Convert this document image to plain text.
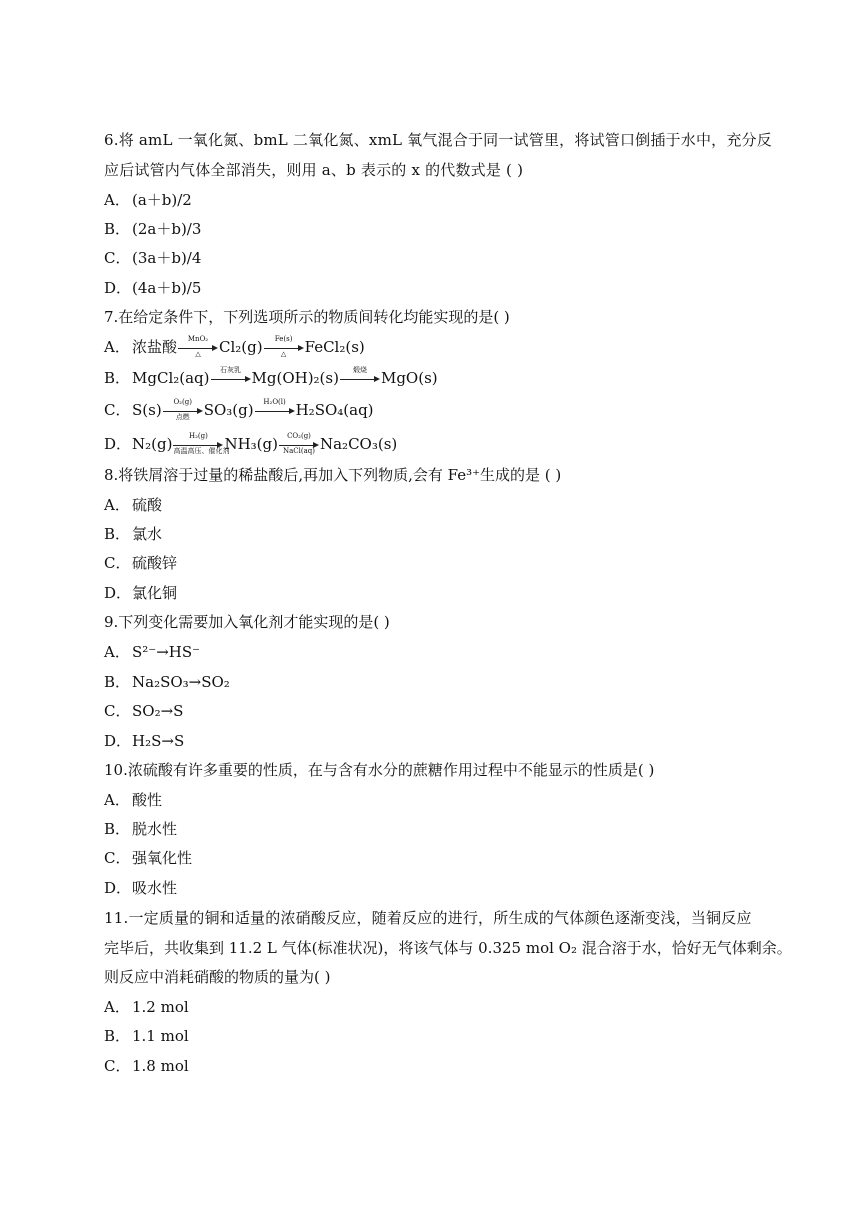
6.将 amL 一氧化氮、bmL 二氧化氮、xmL 氧气混合于同一试管里，将试管口倒插于水中，充分反
应后试管内气体全部消失，则用 a、b 表示的 x 的代数式是 ( )
A． (a＋b)/2
B． (2a＋b)/3
C． (3a＋b)/4
D．(4a＋b)/5
7.在给定条件下，下列选项所示的物质间转化均能实现的是( )
A． 浓盐酸	MnO₂
△	Cl₂(g)	Fe(s)
△	FeCl₂(s)
B． MgCl₂(aq)	石灰乳 Mg(OH)₂(s)	煅烧 MgO(s)
C． S(s)	O₂(g)
点燃 SO₃(g)	H₂O(l) H₂SO₄(aq)
D．N₂(g)	H₂(g)
高温高压、催化剂
NH₃(g)	CO₂(g)
NaCl(aq) Na₂CO₃(s)
8.将铁屑溶于过量的稀盐酸后,再加入下列物质,会有 Fe³⁺生成的是 ( )
A． 硫酸
B． 氯水
C． 硫酸锌
D．氯化铜
9.下列变化需要加入氧化剂才能实现的是( )
A． S²⁻→HS⁻
B． Na₂SO₃→SO₂
C． SO₂→S
D．H₂S→S
10.浓硫酸有许多重要的性质，在与含有水分的蔗糖作用过程中不能显示的性质是( )
A． 酸性
B． 脱水性
C． 强氧化性
D．吸水性
11.一定质量的铜和适量的浓硝酸反应，随着反应的进行，所生成的气体颜色逐渐变浅，当铜反应
完毕后，共收集到 11.2 L 气体(标准状况)，将该气体与 0.325 mol O₂ 混合溶于水，恰好无气体剩余。
则反应中消耗硝酸的物质的量为( )
A． 1.2 mol
B． 1.1 mol
C． 1.8 mol
